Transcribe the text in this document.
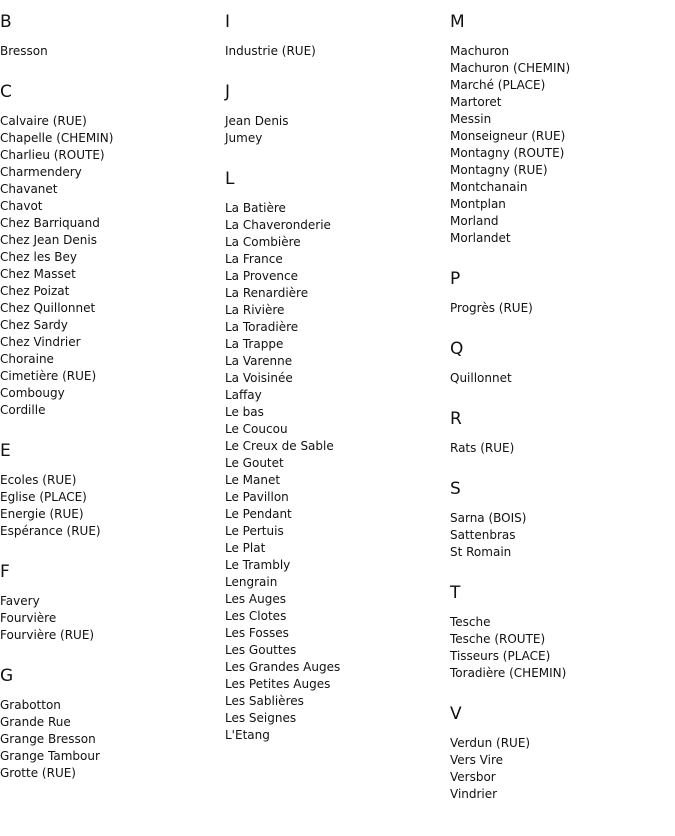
B
Bresson
C
Calvaire (RUE)
Chapelle (CHEMIN)
Charlieu (ROUTE)
Charmendery
Chavanet
Chavot
Chez Barriquand
Chez Jean Denis
Chez les Bey
Chez Masset
Chez Poizat
Chez Quillonnet
Chez Sardy
Chez Vindrier
Choraine
Cimetière (RUE)
Combougy
Cordille
E
Ecoles (RUE)
Eglise (PLACE)
Energie (RUE)
Espérance (RUE)
F
Favery
Fourvière
Fourvière (RUE)
G
Grabotton
Grande Rue
Grange Bresson
Grange Tambour
Grotte (RUE)
I
Industrie (RUE)
J
Jean Denis
Jumey
L
La Batière
La Chaveronderie
La Combière
La France
La Provence
La Renardière
La Rivière
La Toradière
La Trappe
La Varenne
La Voisinée
Laffay
Le bas
Le Coucou
Le Creux de Sable
Le Goutet
Le Manet
Le Pavillon
Le Pendant
Le Pertuis
Le Plat
Le Trambly
Lengrain
Les Auges
Les Clotes
Les Fosses
Les Gouttes
Les Grandes Auges
Les Petites Auges
Les Sablières
Les Seignes
L'Etang
M
Machuron
Machuron (CHEMIN)
Marché (PLACE)
Martoret
Messin
Monseigneur (RUE)
Montagny (ROUTE)
Montagny (RUE)
Montchanain
Montplan
Morland
Morlandet
P
Progrès (RUE)
Q
Quillonnet
R
Rats (RUE)
S
Sarna (BOIS)
Sattenbras
St Romain
T
Tesche
Tesche (ROUTE)
Tisseurs (PLACE)
Toradière (CHEMIN)
V
Verdun (RUE)
Vers Vire
Versbor
Vindrier
